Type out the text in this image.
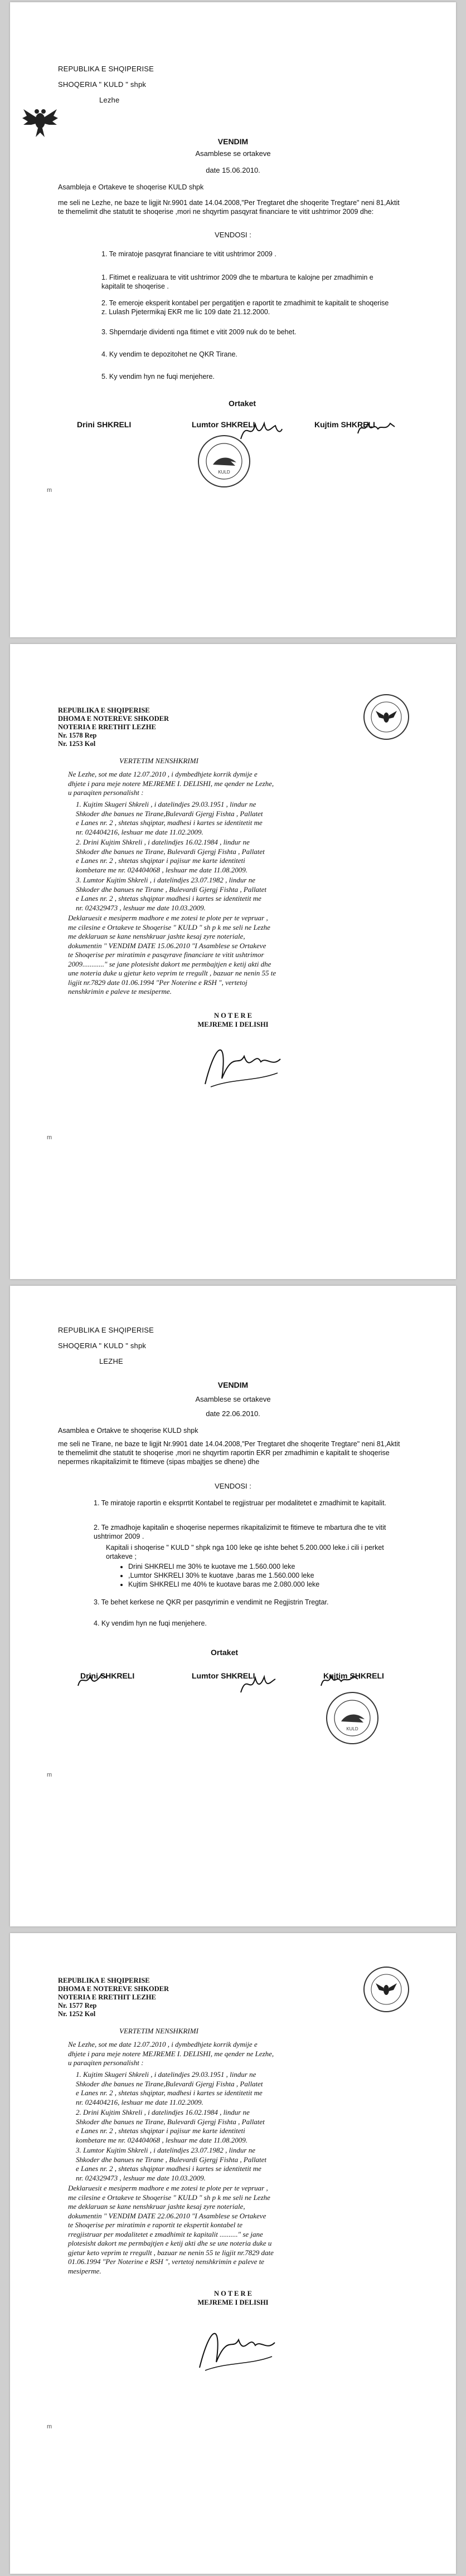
REPUBLIKA E SHQIPERISE
SHOQERIA " KULD " shpk
Lezhe
VENDIM
Asamblese se ortakeve
date 15.06.2010.
Asambleja e Ortakeve te shoqerise KULD shpk
me seli ne Lezhe, ne baze te ligjit Nr.9901 date 14.04.2008,"Per Tregtaret dhe shoqerite Tregtare" neni 81,Aktit te themelimit dhe statutit te shoqerise ,mori ne shqyrtim pasqyrat financiare te vitit ushtrimor 2009 dhe:
VENDOSI :
1. Te miratoje pasqyrat financiare te vitit ushtrimor 2009 .
1. Fitimet e realizuara te vitit ushtrimor 2009 dhe te mbartura te kalojne per zmadhimin e kapitalit te shoqerise .
2. Te emeroje eksperit kontabel per pergatitjen e raportit te zmadhimit te kapitalit te shoqerise z. Lulash Pjetermikaj EKR me lic 109 date 21.12.2000.
3. Shperndarje dividenti nga fitimet e vitit 2009 nuk do te behet.
4. Ky vendim te depozitohet ne QKR Tirane.
5. Ky vendim hyn ne fuqi menjehere.
Ortaket
Drini SHKRELI	Lumtor SHKRELI	Kujtim SHKRELI
KULD
m
REPUBLIKA E SHQIPERISE
DHOMA E NOTEREVE SHKODER
NOTERIA E RRETHIT LEZHE
Nr. 1578 Rep
Nr. 1253 Kol
VERTETIM NENSHKRIMI
Ne Lezhe, sot me date 12.07.2010 , i dymbedhjete korrik dymije e
dhjete i para meje notere MEJREME I. DELISHI, me qender ne Lezhe,
u paraqiten personalisht :
1. Kujtim Skugeri Shkreli , i datelindjes 29.03.1951 , lindur ne
Shkoder dhe banues ne Tirane,Bulevardi Gjergj Fishta , Pallatet
e Lanes nr. 2 , shtetas shqiptar, madhesi i kartes se identitetit me
nr. 024404216, leshuar me date 11.02.2009.
2. Drini Kujtim Shkreli , i datelindjes 16.02.1984 , lindur ne
Shkoder dhe banues ne Tirane, Bulevardi Gjergj Fishta , Pallatet
e Lanes nr. 2 , shtetas shqiptar i pajisur me karte identiteti
kombetare me nr. 024404068 , leshuar me date 11.08.2009.
3. Lumtor Kujtim Shkreli , i datelindjes 23.07.1982 , lindur ne
Shkoder dhe banues ne Tirane , Bulevardi Gjergj Fishta , Pallatet
e Lanes nr. 2 , shtetas shqiptar madhesi i kartes se identitetit me
nr. 024329473 , leshuar me date 10.03.2009.
Deklaruesit e mesiperm madhore e me zotesi te plote per te vepruar ,
me cilesine e Ortakeve te Shoqerise " KULD " sh p k me seli ne Lezhe
me deklaruan se kane nenshkruar jashte kesaj zyre noteriale,
dokumentin " VENDIM DATE 15.06.2010 "I Asamblese se Ortakeve
te Shoqerise per miratimin e pasqyrave financiare te vitit ushtrimor
2009............" se jane plotesisht dakort me permbajtjen e ketij akti dhe
une noteria duke u gjetur keto veprim te rregullt , bazuar ne nenin 55 te
ligjit nr.7829 date 01.06.1994 "Per Noterine e RSH ", vertetoj
nenshkrimin e paleve te mesiperme.
N O T E R E
MEJREME I DELISHI
m
REPUBLIKA E SHQIPERISE
SHOQERIA " KULD " shpk
LEZHE
VENDIM
Asamblese se ortakeve
date 22.06.2010.
Asamblea e Ortakve te shoqerise KULD shpk
me seli ne Tirane, ne baze te ligjit Nr.9901 date 14.04.2008,"Per Tregtaret dhe shoqerite Tregtare" neni 81,Aktit te themelimit dhe statutit te shoqerise ,mori ne shqyrtim raportin EKR per zmadhimin e kapitalit te shoqerise nepermes rikapitalizimit te fitimeve (sipas mbajtjes se dhene) dhe
VENDOSI :
1. Te miratoje raportin e eksprrtit Kontabel te regjistruar per modalitetet e zmadhimit te kapitalit.
2. Te zmadhoje kapitalin e shoqerise nepermes rikapitalizimit te fitimeve te mbartura dhe te vitit ushtrimor 2009 .
Kapitali i shoqerise " KULD " shpk nga 100 leke qe ishte behet 5.200.000 leke.i cili i perket ortakeve ;
• Drini SHKRELI me 30% te kuotave me 1.560.000 leke
• ,Lumtor SHKRELI 30% te kuotave ,baras me 1.560.000 leke
• Kujtim SHKRELI me 40% te kuotave baras me 2.080.000 leke
3. Te behet kerkese ne QKR per pasqyrimin e vendimit ne Regjistrin Tregtar.
4. Ky vendim hyn ne fuqi menjehere.
Ortaket
Drini SHKRELI	Lumtor SHKRELI	Kujtim SHKRELI
KULD
m
REPUBLIKA E SHQIPERISE
DHOMA E NOTEREVE SHKODER
NOTERIA E RRETHIT LEZHE
Nr. 1577 Rep
Nr. 1252 Kol
VERTETIM NENSHKRIMI
Ne Lezhe, sot me date 12.07.2010 , i dymbedhjete korrik dymije e
dhjete i para meje notere MEJREME I. DELISHI, me qender ne Lezhe,
u paraqiten personalisht :
1. Kujtim Skugeri Shkreli , i datelindjes 29.03.1951 , lindur ne
Shkoder dhe banues ne Tirane,Bulevardi Gjergj Fishta , Pallatet
e Lanes nr. 2 , shtetas shqiptar, madhesi i kartes se identitetit me
nr. 024404216, leshuar me date 11.02.2009.
2. Drini Kujtim Shkreli , i datelindjes 16.02.1984 , lindur ne
Shkoder dhe banues ne Tirane, Bulevardi Gjergj Fishta , Pallatet
e Lanes nr. 2 , shtetas shqiptar i pajisur me karte identiteti
kombetare me nr. 024404068 , leshuar me date 11.08.2009.
3. Lumtor Kujtim Shkreli , i datelindjes 23.07.1982 , lindur ne
Shkoder dhe banues ne Tirane , Bulevardi Gjergj Fishta , Pallatet
e Lanes nr. 2 , shtetas shqiptar madhesi i kartes se identitetit me
nr. 024329473 , leshuar me date 10.03.2009.
Deklaruesit e mesiperm madhore e me zotesi te plote per te vepruar ,
me cilesine e Ortakeve te Shoqerise " KULD " sh p k me seli ne Lezhe
me deklaruan se kane nenshkruar jashte kesaj zyre noteriale,
dokumentin " VENDIM DATE 22.06.2010 "I Asamblese se Ortakeve
te Shoqerise per miratimin e raportit te ekspertit kontabel te
rregjistruar per modalitetet e zmadhimit te kapitalit .........." se jane
plotesisht dakort me permbajtjen e ketij akti dhe se une noteria duke u
gjetur keto veprim te rregullt , bazuar ne nenin 55 te ligjit nr.7829 date
01.06.1994 "Per Noterine e RSH ", vertetoj nenshkrimin e paleve te
mesiperme.
N O T E R E
MEJREME I DELISHI
m
